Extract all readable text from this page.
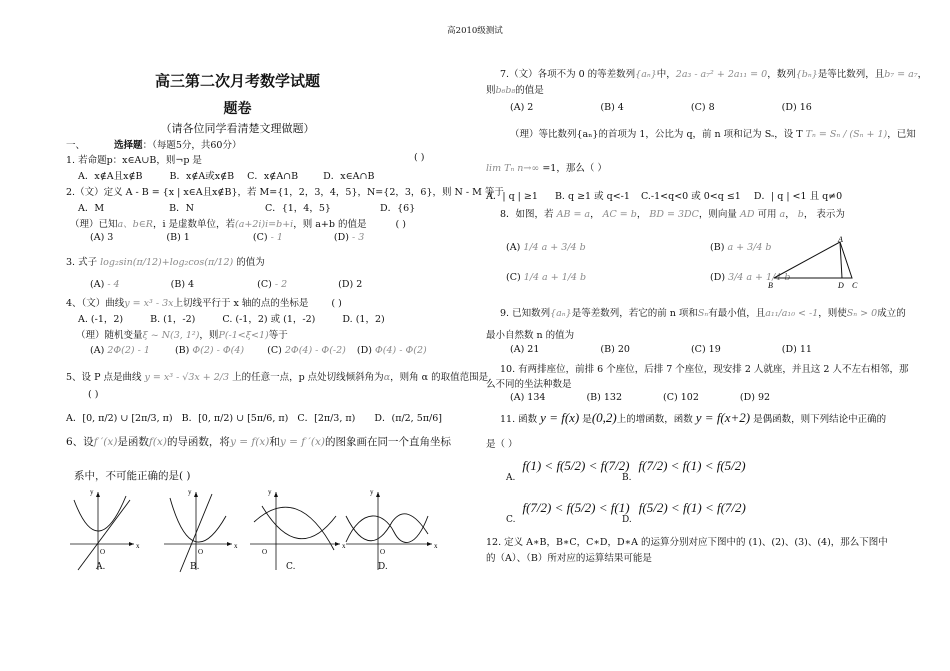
高2010级测试
高三第二次月考数学试题
题卷
（请各位同学看清楚文理做题）
一、	选择题：（每题5分，共60分）
1. 若命题p：x∈A∪B，则¬p 是	( )
A．x∉A且x∉B	B．x∉A或x∉B C．x∉A∩B	D．x∈A∩B
2.（文）定义 A - B = {x | x∈A且x∉B}，若 M={1，2，3，4，5}，N={2，3，6}，则 N - M 等于
A．M	B．N	C．{1，4，5}	D．{6}
（理）已知a、b∈R，i 是虚数单位，若(a+2i)i=b+i，则 a+b 的值是	( )
(A) 3	(B) 1	(C) - 1	(D) - 3
3. 式子 log₂sin(π/12)+log₂cos(π/12) 的值为
(A) - 4	(B) 4	(C) - 2	(D) 2
4、（文）曲线y = x³ - 3x上切线平行于 x 轴的点的坐标是 ( )
A. (-1，2)	B. (1，-2)	C. (-1，2) 或 (1，-2)	D. (1，2)
（理）随机变量ξ ~ N(3, 1²)，则P(-1<ξ<1)等于
(A) 2Φ(2) - 1	(B) Φ(2) - Φ(4) (C) 2Φ(4) - Φ(-2) (D) Φ(4) - Φ(2)
5、设 P 点是曲线 y = x³ - √3x + 2/3 上的任意一点，p 点处切线倾斜角为α，则角 α 的取值范围是
( )
A．[0, π/2) ∪ [2π/3, π) B．[0, π/2) ∪ [5π/6, π) C．[2π/3, π) D．(π/2, 5π/6]
6、设f ′(x)是函数f(x)的导函数，将y = f(x)和y = f ′(x)的图象画在同一个直角坐标
系中，不可能正确的是( )
y
x
O
y
x
O
y
x
O
y
x
O
A.	B.	C.	D.
7.（文）各项不为 0 的等差数列{aₙ}中，2a₃ - a₇² + 2a₁₁ = 0，数列{bₙ}是等比数列，且b₇ = a₇，
则b₆b₈的值是
(A) 2	(B) 4	(C) 8	(D) 16
（理）等比数列{aₙ}的首项为 1，公比为 q，前 n 项和记为 Sₙ，设 T Tₙ = Sₙ / (Sₙ + 1)，已知
lim Tₙ n→∞ =1，那么（ ）
A．| q | ≥1 B. q ≥1 或 q<-1 C.-1<q<0 或 0<q ≤1 D．| q | <1 且 q≠0
8．如图，若 AB = a， AC = b， BD = 3DC，则向量 AD 可用 a， b， 表示为
(A) 1/4 a + 3/4 b	(B) a + 3/4 b
(C) 1/4 a + 1/4 b	(D) 3/4 a + 1/4 b
A
B	D C
9. 已知数列{aₙ}是等差数列，若它的前 n 项和Sₙ有最小值，且a₁₁/a₁₀ < -1，则使Sₙ > 0成立的
最小自然数 n 的值为
(A) 21	(B) 20	(C) 19	(D) 11
10. 有两排座位，前排 6 个座位，后排 7 个座位，现安排 2 人就座，并且这 2 人不左右相邻，那
么不同的坐法种数是
(A) 134	(B) 132	(C) 102	(D) 92
11. 函数 y = f(x) 是(0,2)上的增函数，函数 y = f(x+2) 是偶函数，则下列结论中正确的
是（ ）
A. f(1) < f(5/2) < f(7/2)
B. f(7/2) < f(1) < f(5/2)
C. f(7/2) < f(5/2) < f(1)
D. f(5/2) < f(1) < f(7/2)
12. 定义 A∗B，B∗C，C∗D，D∗A 的运算分别对应下图中的 (1)、(2)、(3)、(4)，那么下图中
的（A）、（B）所对应的运算结果可能是
